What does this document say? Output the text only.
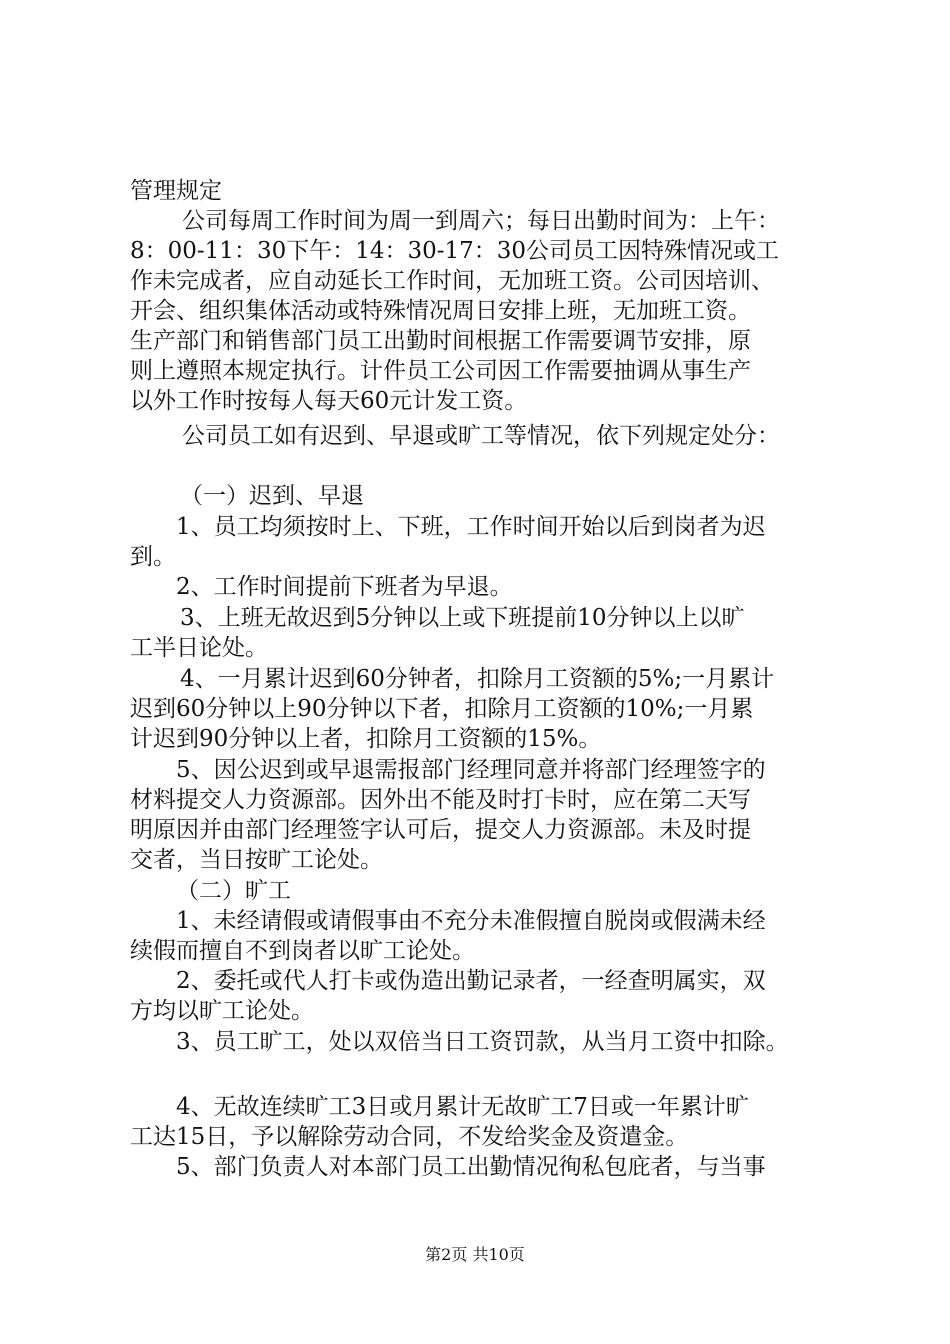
管理规定
公司每周工作时间为周一到周六；每日出勤时间为：上午：
8：00-11：30下午：14：30-17：30公司员工因特殊情况或工
作未完成者，应自动延长工作时间，无加班工资。公司因培训、
开会、组织集体活动或特殊情况周日安排上班，无加班工资。
生产部门和销售部门员工出勤时间根据工作需要调节安排，原
则上遵照本规定执行。计件员工公司因工作需要抽调从事生产
以外工作时按每人每天60元计发工资。
公司员工如有迟到、早退或旷工等情况，依下列规定处分：
（一）迟到、早退
1、员工均须按时上、下班，工作时间开始以后到岗者为迟
到。
2、工作时间提前下班者为早退。
3、上班无故迟到5分钟以上或下班提前10分钟以上以旷
工半日论处。
4、一月累计迟到60分钟者，扣除月工资额的5%;一月累计
迟到60分钟以上90分钟以下者，扣除月工资额的10%;一月累
计迟到90分钟以上者，扣除月工资额的15%。
5、因公迟到或早退需报部门经理同意并将部门经理签字的
材料提交人力资源部。因外出不能及时打卡时，应在第二天写
明原因并由部门经理签字认可后，提交人力资源部。未及时提
交者，当日按旷工论处。
（二）旷工
1、未经请假或请假事由不充分未准假擅自脱岗或假满未经
续假而擅自不到岗者以旷工论处。
2、委托或代人打卡或伪造出勤记录者，一经查明属实，双
方均以旷工论处。
3、员工旷工，处以双倍当日工资罚款，从当月工资中扣除。
4、无故连续旷工3日或月累计无故旷工7日或一年累计旷
工达15日，予以解除劳动合同，不发给奖金及资遣金。
5、部门负责人对本部门员工出勤情况徇私包庇者，与当事
第2页 共10页
